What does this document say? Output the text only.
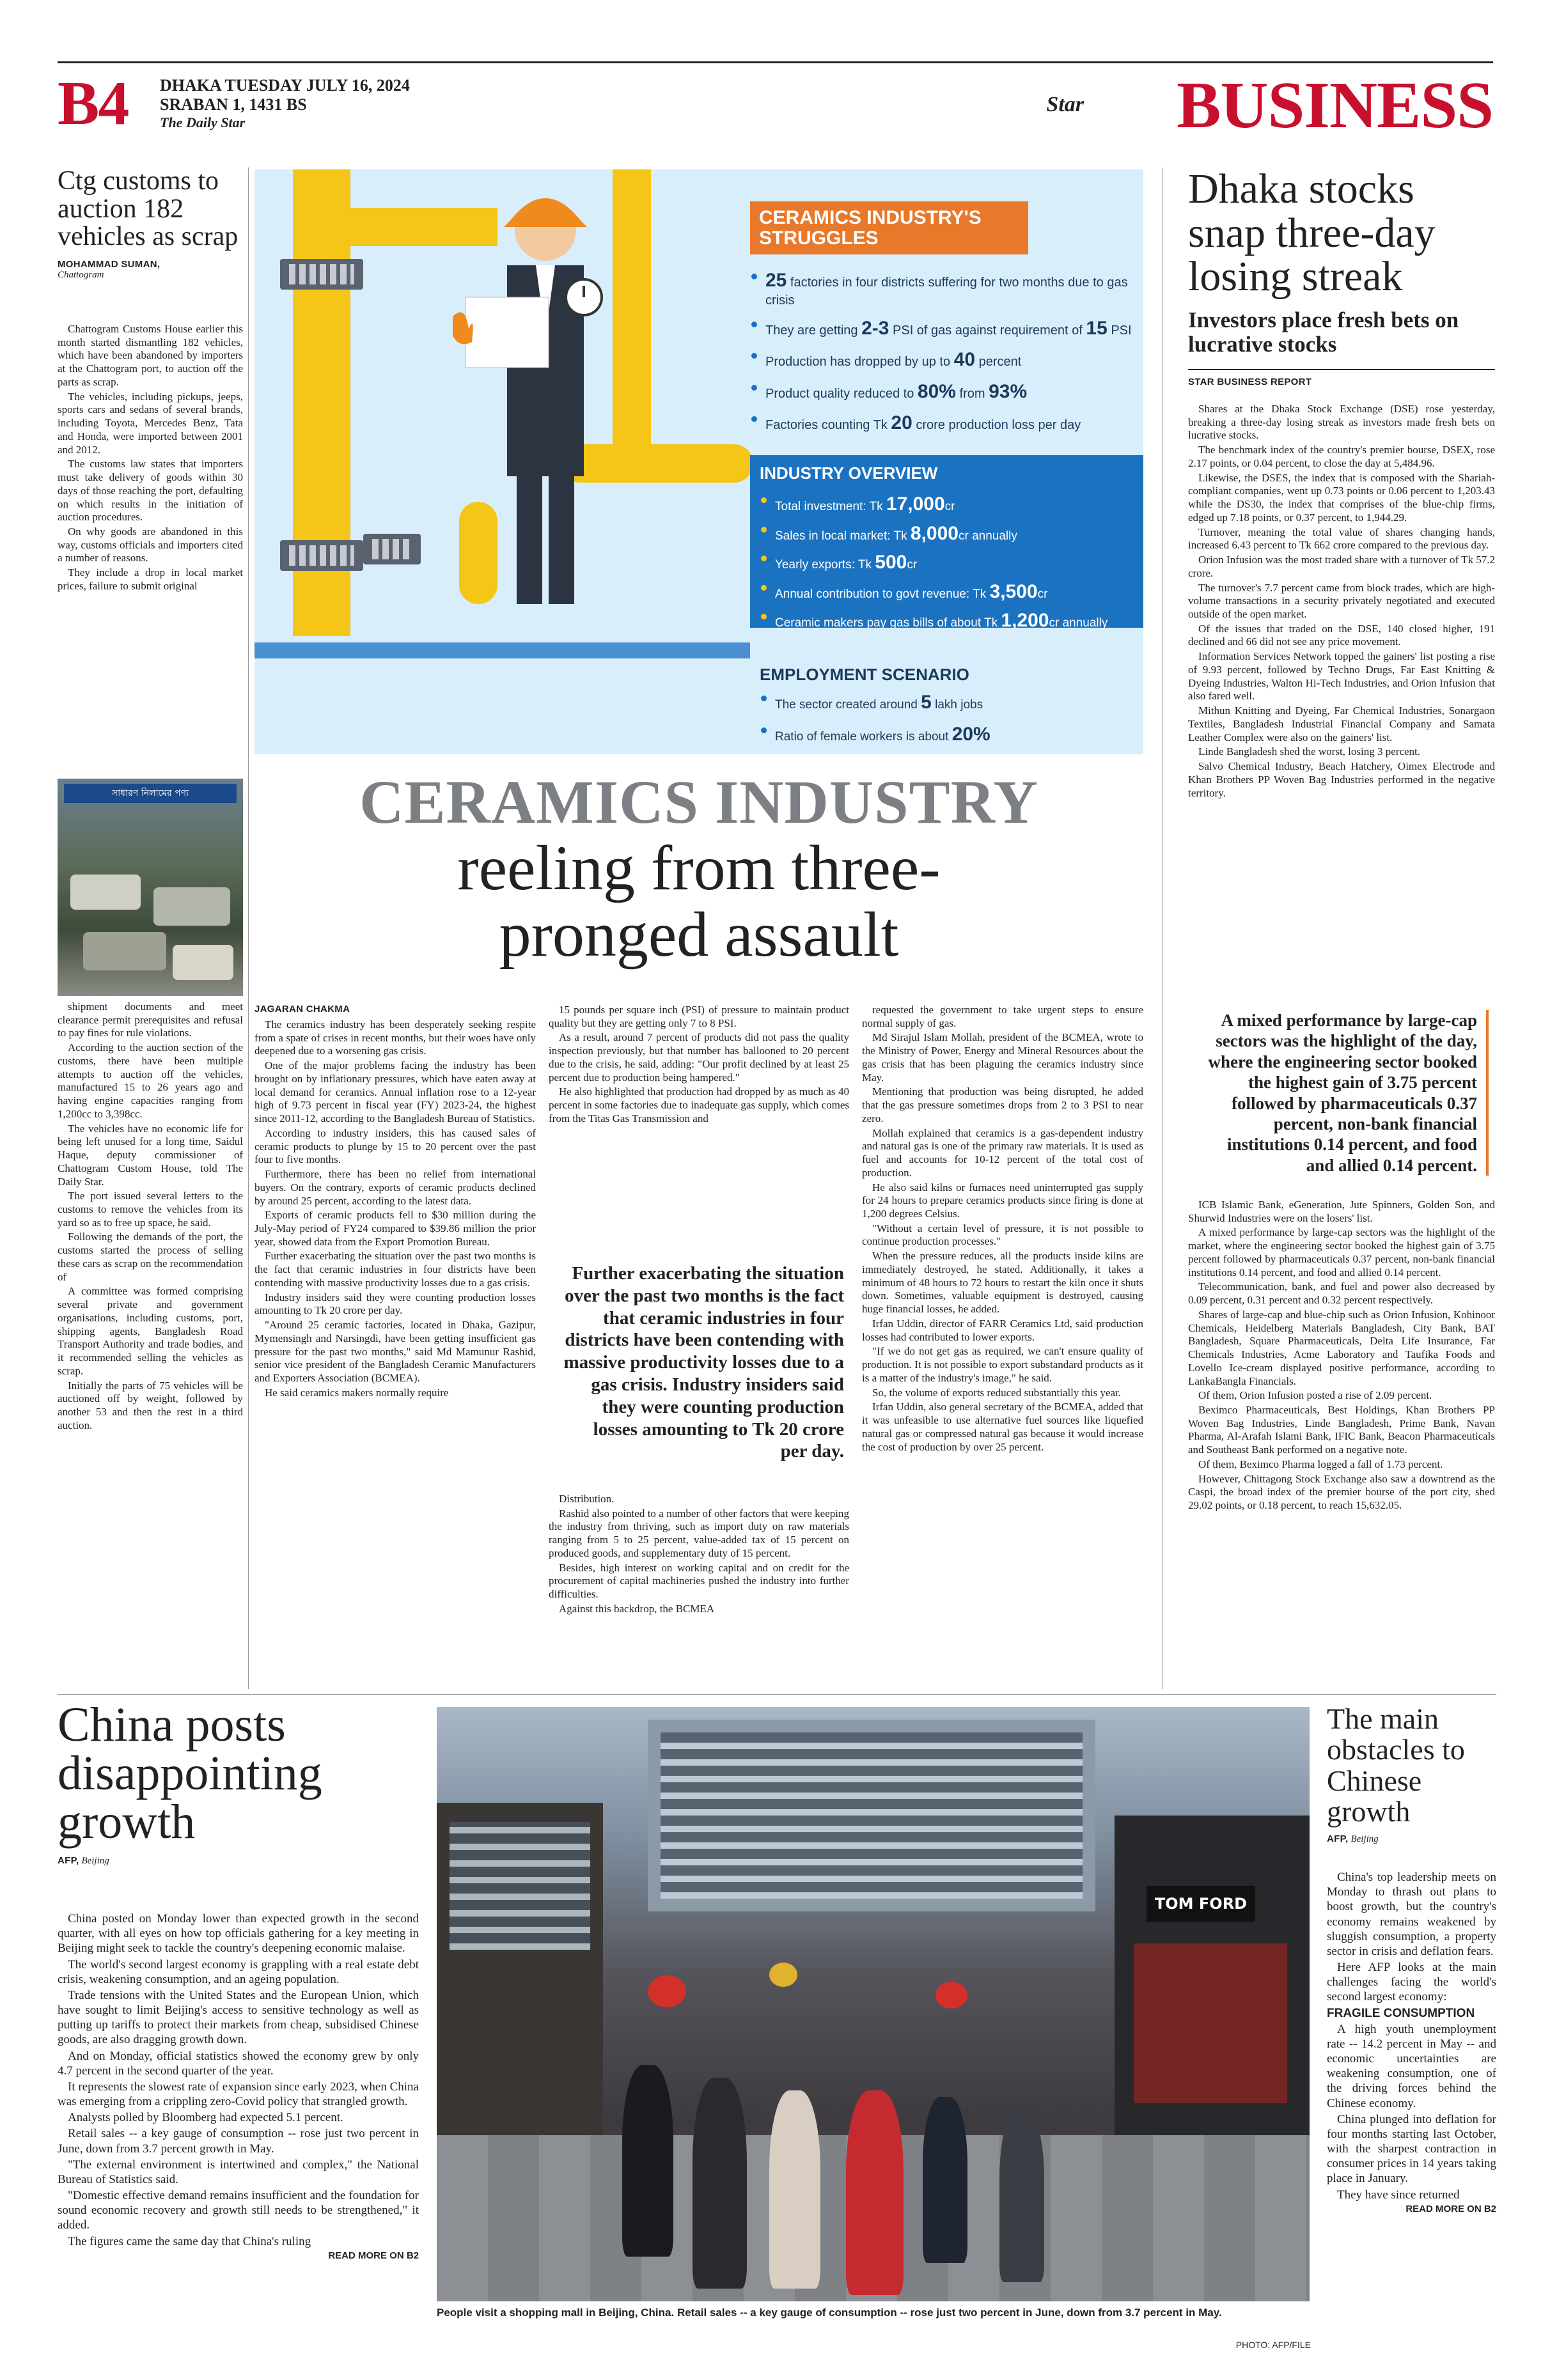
B4 DHAKA TUESDAY JULY 16, 2024
SRABAN 1, 1431 BS
The Daily Star
Star BUSINESS
Ctg customs to auction 182 vehicles as scrap
MOHAMMAD SUMAN,
Chattogram

Chattogram Customs House earlier this month started dismantling 182 vehicles, which have been abandoned by importers at the Chattogram port, to auction off the parts as scrap.

The vehicles, including pickups, jeeps, sports cars and sedans of several brands, including Toyota, Mercedes Benz, Tata and Honda, were imported between 2001 and 2012.

The customs law states that importers must take delivery of goods within 30 days of those reaching the port, defaulting on which results in the initiation of auction procedures.

On why goods are abandoned in this way, customs officials and importers cited a number of reasons.

They include a drop in local market prices, failure to submit original

সাধারণ নিলামের পণ্য

shipment documents and meet clearance permit prerequisites and refusal to pay fines for rule violations.

According to the auction section of the customs, there have been multiple attempts to auction off the vehicles, manufactured 15 to 26 years ago and having engine capacities ranging from 1,200cc to 3,398cc.

The vehicles have no economic life for being left unused for a long time, Saidul Haque, deputy commissioner of Chattogram Custom House, told The Daily Star.

The port issued several letters to the customs to remove the vehicles from its yard so as to free up space, he said.

Following the demands of the port, the customs started the process of selling these cars as scrap on the recommendation of

A committee was formed comprising several private and government organisations, including customs, port, shipping agents, Bangladesh Road Transport Authority and trade bodies, and it recommended selling the vehicles as scrap.

Initially the parts of 75 vehicles will be auctioned off by weight, followed by another 53 and then the rest in a third auction.

CERAMICS INDUSTRY'S STRUGGLES
25 factories in four districts suffering for two months due to gas crisis
They are getting 2-3 PSI of gas against requirement of 15 PSI
Production has dropped by up to 40 percent
Product quality reduced to 80% from 93%
Factories counting Tk 20 crore production loss per day
INDUSTRY OVERVIEW
Total investment: Tk 17,000cr
Sales in local market: Tk 8,000cr annually
Yearly exports: Tk 500cr
Annual contribution to govt revenue: Tk 3,500cr
Ceramic makers pay gas bills of about Tk 1,200cr annually
EMPLOYMENT SCENARIO
The sector created around 5 lakh jobs
Ratio of female workers is about 20%
CERAMICS INDUSTRY
reeling from three-
pronged assault
JAGARAN CHAKMA

The ceramics industry has been desperately seeking respite from a spate of crises in recent months, but their woes have only deepened due to a worsening gas crisis.

One of the major problems facing the industry has been brought on by inflationary pressures, which have eaten away at local demand for ceramics. Annual inflation rose to a 12-year high of 9.73 percent in fiscal year (FY) 2023-24, the highest since 2011-12, according to the Bangladesh Bureau of Statistics.

According to industry insiders, this has caused sales of ceramic products to plunge by 15 to 20 percent over the past four to five months.

Furthermore, there has been no relief from international buyers. On the contrary, exports of ceramic products declined by around 25 percent, according to the latest data.

Exports of ceramic products fell to $30 million during the July-May period of FY24 compared to $39.86 million the prior year, showed data from the Export Promotion Bureau.

Further exacerbating the situation over the past two months is the fact that ceramic industries in four districts have been contending with massive productivity losses due to a gas crisis.

Industry insiders said they were counting production losses amounting to Tk 20 crore per day.

"Around 25 ceramic factories, located in Dhaka, Gazipur, Mymensingh and Narsingdi, have been getting insufficient gas pressure for the past two months," said Md Mamunur Rashid, senior vice president of the Bangladesh Ceramic Manufacturers and Exporters Association (BCMEA).

He said ceramics makers normally require

15 pounds per square inch (PSI) of pressure to maintain product quality but they are getting only 7 to 8 PSI.

As a result, around 7 percent of products did not pass the quality inspection previously, but that number has ballooned to 20 percent due to the crisis, he said, adding: "Our profit declined by at least 25 percent due to production being hampered."

He also highlighted that production had dropped by as much as 40 percent in some factories due to inadequate gas supply, which comes from the Titas Gas Transmission and

Further exacerbating the situation over the past two months is the fact that ceramic industries in four districts have been contending with massive productivity losses due to a gas crisis. Industry insiders said they were counting production losses amounting to Tk 20 crore per day.

Distribution.

Rashid also pointed to a number of other factors that were keeping the industry from thriving, such as import duty on raw materials ranging from 5 to 25 percent, value-added tax of 15 percent on produced goods, and supplementary duty of 15 percent.

Besides, high interest on working capital and on credit for the procurement of capital machineries pushed the industry into further difficulties.

Against this backdrop, the BCMEA

requested the government to take urgent steps to ensure normal supply of gas.

Md Sirajul Islam Mollah, president of the BCMEA, wrote to the Ministry of Power, Energy and Mineral Resources about the gas crisis that has been plaguing the ceramics industry since May.

Mentioning that production was being disrupted, he added that the gas pressure sometimes drops from 2 to 3 PSI to near zero.

Mollah explained that ceramics is a gas-dependent industry and natural gas is one of the primary raw materials. It is used as fuel and accounts for 10-12 percent of the total cost of production.

He also said kilns or furnaces need uninterrupted gas supply for 24 hours to prepare ceramics products since firing is done at 1,200 degrees Celsius.

"Without a certain level of pressure, it is not possible to continue production processes."

When the pressure reduces, all the products inside kilns are immediately destroyed, he stated. Additionally, it takes a minimum of 48 hours to 72 hours to restart the kiln once it shuts down. Sometimes, valuable equipment is destroyed, causing huge financial losses, he added.

Irfan Uddin, director of FARR Ceramics Ltd, said production losses had contributed to lower exports.

"If we do not get gas as required, we can't ensure quality of production. It is not possible to export substandard products as it is a matter of the industry's image," he said.

So, the volume of exports reduced substantially this year.

Irfan Uddin, also general secretary of the BCMEA, added that it was unfeasible to use alternative fuel sources like liquefied natural gas or compressed natural gas because it would increase the cost of production by over 25 percent.

Dhaka stocks snap three-day losing streak
Investors place fresh bets on lucrative stocks
STAR BUSINESS REPORT

Shares at the Dhaka Stock Exchange (DSE) rose yesterday, breaking a three-day losing streak as investors made fresh bets on lucrative stocks.

The benchmark index of the country's premier bourse, DSEX, rose 2.17 points, or 0.04 percent, to close the day at 5,484.96.

Likewise, the DSES, the index that is composed with the Shariah-compliant companies, went up 0.73 points or 0.06 percent to 1,203.43 while the DS30, the index that comprises of the blue-chip firms, edged up 7.18 points, or 0.37 percent, to 1,944.29.

Turnover, meaning the total value of shares changing hands, increased 6.43 percent to Tk 662 crore compared to the previous day.

Orion Infusion was the most traded share with a turnover of Tk 57.2 crore.

The turnover's 7.7 percent came from block trades, which are high-volume transactions in a security privately negotiated and executed outside of the open market.

Of the issues that traded on the DSE, 140 closed higher, 191 declined and 66 did not see any price movement.

Information Services Network topped the gainers' list posting a rise of 9.93 percent, followed by Techno Drugs, Far East Knitting & Dyeing Industries, Walton Hi-Tech Industries, and Orion Infusion that also fared well.

Mithun Knitting and Dyeing, Far Chemical Industries, Sonargaon Textiles, Bangladesh Industrial Financial Company and Samata Leather Complex were also on the gainers' list.

Linde Bangladesh shed the worst, losing 3 percent.

Salvo Chemical Industry, Beach Hatchery, Oimex Electrode and Khan Brothers PP Woven Bag Industries performed in the negative territory.

A mixed performance by large-cap sectors was the highlight of the day, where the engineering sector booked the highest gain of 3.75 percent followed by pharmaceuticals 0.37 percent, non-bank financial institutions 0.14 percent, and food and allied 0.14 percent.

ICB Islamic Bank, eGeneration, Jute Spinners, Golden Son, and Shurwid Industries were on the losers' list.

A mixed performance by large-cap sectors was the highlight of the market, where the engineering sector booked the highest gain of 3.75 percent followed by pharmaceuticals 0.37 percent, non-bank financial institutions 0.14 percent, and food and allied 0.14 percent.

Telecommunication, bank, and fuel and power also decreased by 0.09 percent, 0.31 percent and 0.32 percent respectively.

Shares of large-cap and blue-chip such as Orion Infusion, Kohinoor Chemicals, Heidelberg Materials Bangladesh, City Bank, BAT Bangladesh, Square Pharmaceuticals, Delta Life Insurance, Far Chemicals Industries, Acme Laboratory and Taufika Foods and Lovello Ice-cream displayed positive performance, according to LankaBangla Financials.

Of them, Orion Infusion posted a rise of 2.09 percent.

Beximco Pharmaceuticals, Best Holdings, Khan Brothers PP Woven Bag Industries, Linde Bangladesh, Prime Bank, Navan Pharma, Al-Arafah Islami Bank, IFIC Bank, Beacon Pharmaceuticals and Southeast Bank performed on a negative note.

Of them, Beximco Pharma logged a fall of 1.73 percent.

However, Chittagong Stock Exchange also saw a downtrend as the Caspi, the broad index of the premier bourse of the port city, shed 29.02 points, or 0.18 percent, to reach 15,632.05.

China posts disappointing growth
AFP, Beijing

China posted on Monday lower than expected growth in the second quarter, with all eyes on how top officials gathering for a key meeting in Beijing might seek to tackle the country's deepening economic malaise.

The world's second largest economy is grappling with a real estate debt crisis, weakening consumption, and an ageing population.

Trade tensions with the United States and the European Union, which have sought to limit Beijing's access to sensitive technology as well as putting up tariffs to protect their markets from cheap, subsidised Chinese goods, are also dragging growth down.

And on Monday, official statistics showed the economy grew by only 4.7 percent in the second quarter of the year.

It represents the slowest rate of expansion since early 2023, when China was emerging from a crippling zero-Covid policy that strangled growth.

Analysts polled by Bloomberg had expected 5.1 percent.

Retail sales -- a key gauge of consumption -- rose just two percent in June, down from 3.7 percent growth in May.

"The external environment is intertwined and complex," the National Bureau of Statistics said.

"Domestic effective demand remains insufficient and the foundation for sound economic recovery and growth still needs to be strengthened," it added.

The figures came the same day that China's ruling

READ MORE ON B2
TOM FORD
People visit a shopping mall in Beijing, China. Retail sales -- a key gauge of consumption -- rose just two percent in June, down from 3.7 percent in May.
PHOTO: AFP/FILE
The main obstacles to Chinese growth
AFP, Beijing

China's top leadership meets on Monday to thrash out plans to boost growth, but the country's economy remains weakened by sluggish consumption, a property sector in crisis and deflation fears.

Here AFP looks at the main challenges facing the world's second largest economy:

FRAGILE CONSUMPTION

A high youth unemployment rate -- 14.2 percent in May -- and economic uncertainties are weakening consumption, one of the driving forces behind the Chinese economy.

China plunged into deflation for four months starting last October, with the sharpest contraction in consumer prices in 14 years taking place in January.

They have since returned

READ MORE ON B2
